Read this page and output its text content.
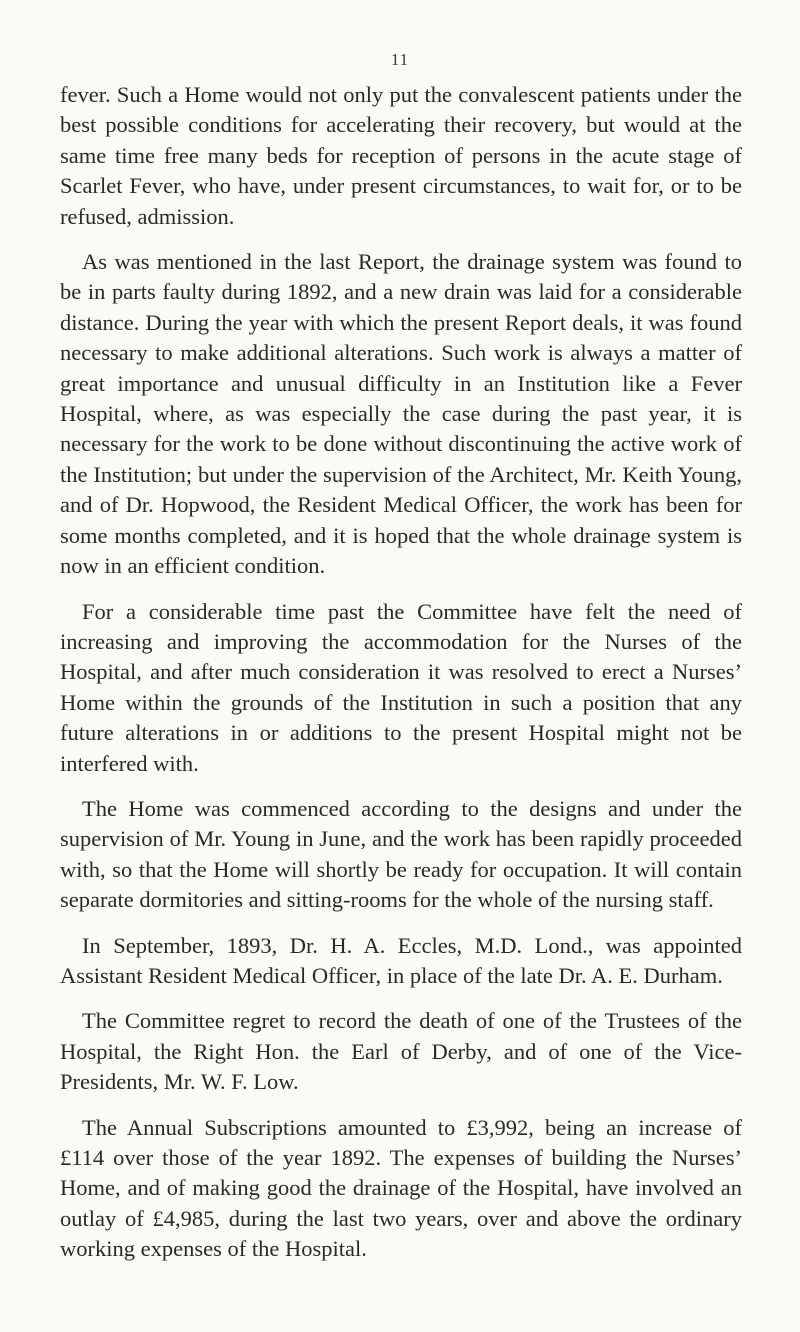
11

fever. Such a Home would not only put the convalescent patients under the best possible conditions for accelerating their recovery, but would at the same time free many beds for reception of persons in the acute stage of Scarlet Fever, who have, under present circumstances, to wait for, or to be refused, admission.

As was mentioned in the last Report, the drainage system was found to be in parts faulty during 1892, and a new drain was laid for a considerable distance. During the year with which the present Report deals, it was found necessary to make additional alterations. Such work is always a matter of great importance and unusual difficulty in an Institution like a Fever Hospital, where, as was especially the case during the past year, it is necessary for the work to be done without discontinuing the active work of the Institution; but under the supervision of the Architect, Mr. Keith Young, and of Dr. Hopwood, the Resident Medical Officer, the work has been for some months completed, and it is hoped that the whole drainage system is now in an efficient condition.

For a considerable time past the Committee have felt the need of increasing and improving the accommodation for the Nurses of the Hospital, and after much consideration it was resolved to erect a Nurses’ Home within the grounds of the Institution in such a position that any future alterations in or additions to the present Hospital might not be interfered with.

The Home was commenced according to the designs and under the supervision of Mr. Young in June, and the work has been rapidly proceeded with, so that the Home will shortly be ready for occupation. It will contain separate dormitories and sitting-rooms for the whole of the nursing staff.

In September, 1893, Dr. H. A. Eccles, M.D. Lond., was appointed Assistant Resident Medical Officer, in place of the late Dr. A. E. Durham.

The Committee regret to record the death of one of the Trustees of the Hospital, the Right Hon. the Earl of Derby, and of one of the Vice-Presidents, Mr. W. F. Low.

The Annual Subscriptions amounted to £3,992, being an increase of £114 over those of the year 1892. The expenses of building the Nurses’ Home, and of making good the drainage of the Hospital, have involved an outlay of £4,985, during the last two years, over and above the ordinary working expenses of the Hospital.
